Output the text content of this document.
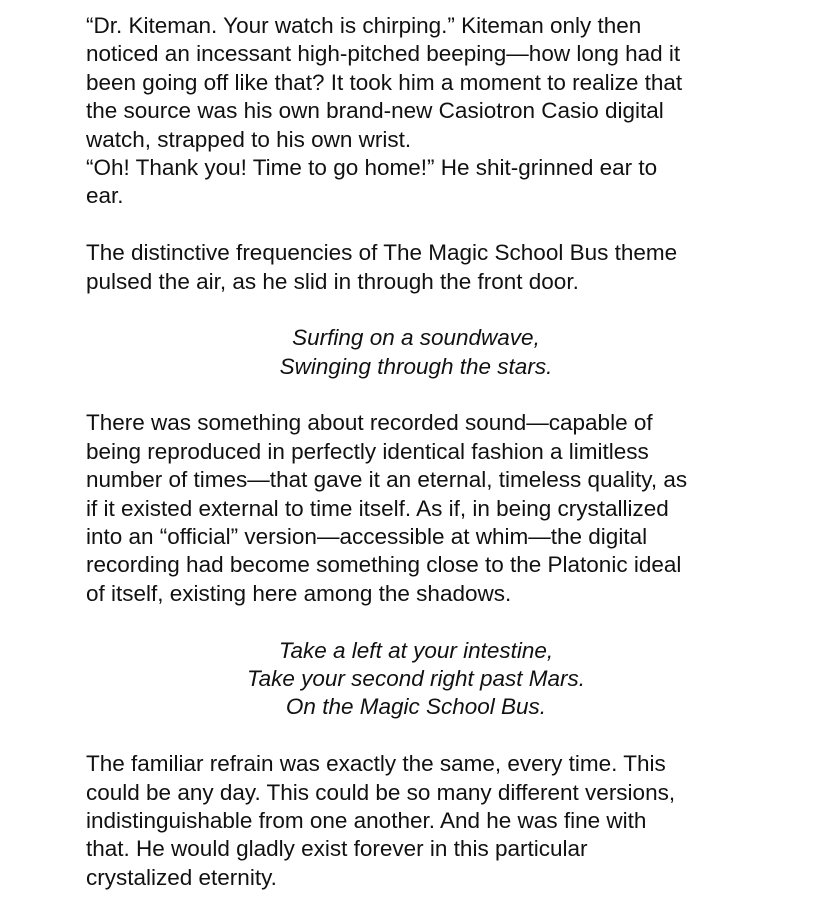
“Dr. Kiteman. Your watch is chirping.” Kiteman only then
noticed an incessant high-pitched beeping—how long had it
been going off like that? It took him a moment to realize that
the source was his own brand-new Casiotron Casio digital
watch, strapped to his own wrist.
“Oh! Thank you! Time to go home!” He shit-grinned ear to
ear.
The distinctive frequencies of The Magic School Bus theme
pulsed the air, as he slid in through the front door.
Surfing on a soundwave,
Swinging through the stars.
There was something about recorded sound—capable of
being reproduced in perfectly identical fashion a limitless
number of times—that gave it an eternal, timeless quality, as
if it existed external to time itself. As if, in being crystallized
into an “official” version—accessible at whim—the digital
recording had become something close to the Platonic ideal
of itself, existing here among the shadows.
Take a left at your intestine,
Take your second right past Mars.
On the Magic School Bus.
The familiar refrain was exactly the same, every time. This
could be any day. This could be so many different versions,
indistinguishable from one another. And he was fine with
that. He would gladly exist forever in this particular
crystalized eternity.
